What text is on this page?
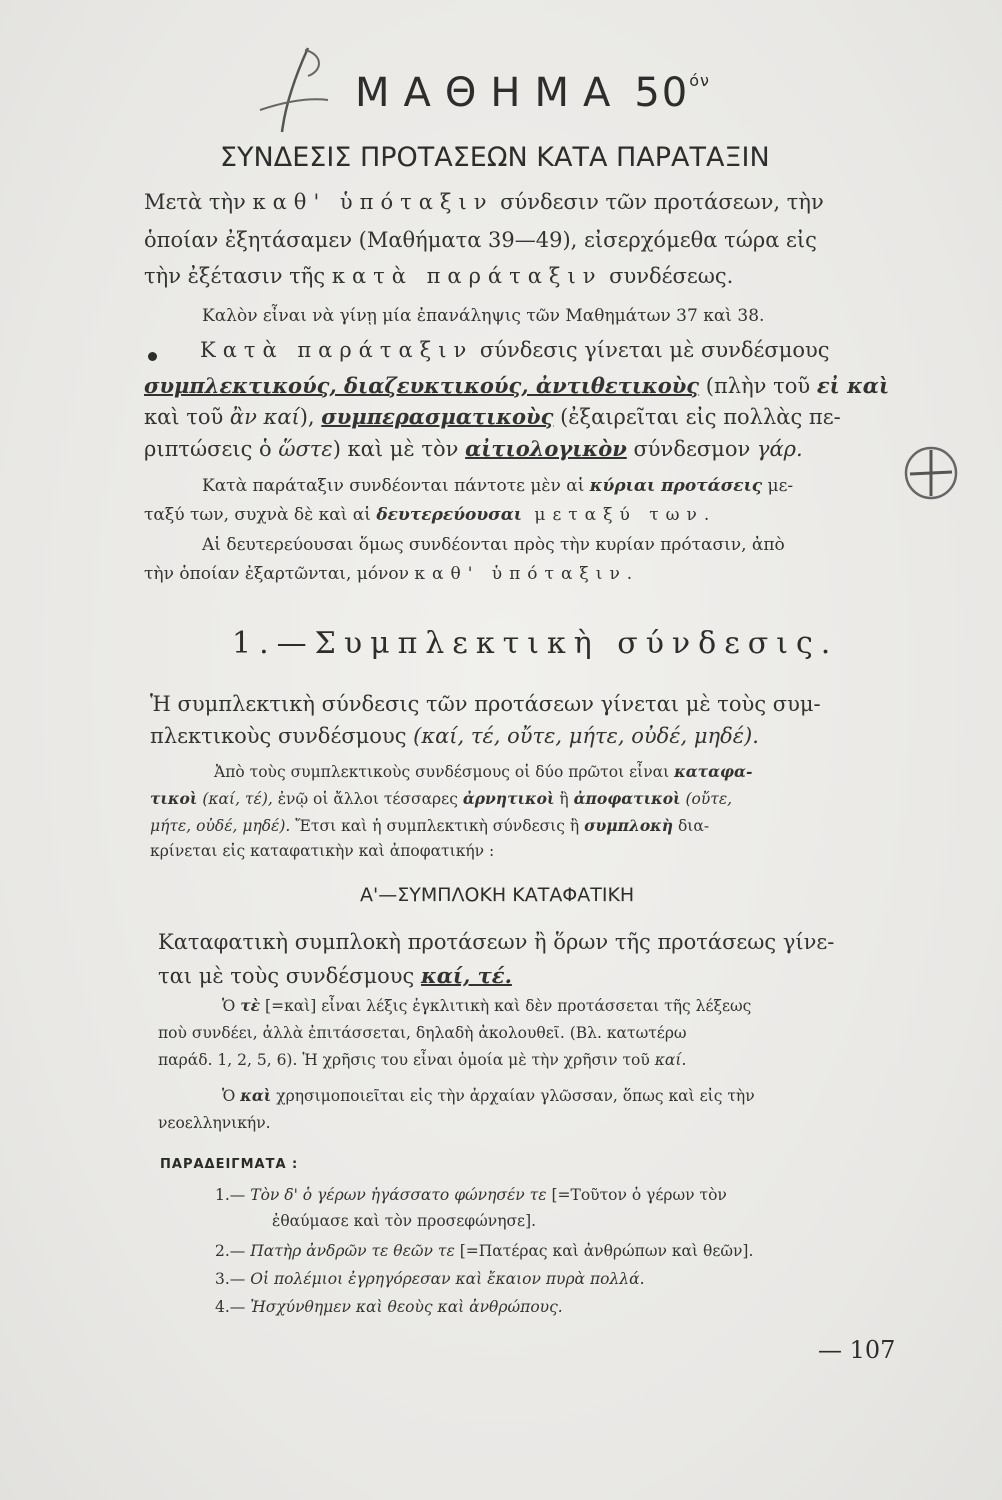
ΜΑΘΗΜΑ $50^{ό\nu}$
ΣΥΝΔΕΣΙΣ ΠΡΟΤΑΣΕΩΝ ΚΑΤΑ ΠΑΡΑΤΑΞΙΝ
Μετὰ τὴν καθ' ὑπόταξιν σύνδεσιν τῶν προτάσεων, τὴν
ὁποίαν ἐξητάσαμεν (Μαθήματα 39—49), εἰσερχόμεθα τώρα εἰς
τὴν ἐξέτασιν τῆς κατὰ παράταξιν συνδέσεως.
Καλὸν εἶναι νὰ γίνῃ μία ἐπανάληψις τῶν Μαθημάτων 37 καὶ 38.
Κατὰ παράταξιν σύνδεσις γίνεται μὲ συνδέσμους
συμπλεκτικούς, διαζευκτικούς, ἀντιθετικοὺς (πλὴν τοῦ εἰ καὶ
καὶ τοῦ ἂν καί), συμπερασματικοὺς (ἐξαιρεῖται εἰς πολλὰς πε-
ριπτώσεις ὁ ὥστε) καὶ μὲ τὸν αἰτιολογικὸν σύνδεσμον γάρ.
Κατὰ παράταξιν συνδέονται πάντοτε μὲν αἱ κύριαι προτάσεις με-
ταξύ των, συχνὰ δὲ καὶ αἱ δευτερεύουσαι μεταξύ των.
Αἱ δευτερεύουσαι ὅμως συνδέονται πρὸς τὴν κυρίαν πρότασιν, ἀπὸ
τὴν ὁποίαν ἐξαρτῶνται, μόνον καθ' ὑπόταξιν.
1.—Συμπλεκτικὴ σύνδεσις.
Ἡ συμπλεκτικὴ σύνδεσις τῶν προτάσεων γίνεται μὲ τοὺς συμ-
πλεκτικοὺς συνδέσμους (καί, τέ, οὔτε, μήτε, οὐδέ, μηδέ).
Ἀπὸ τοὺς συμπλεκτικοὺς συνδέσμους οἱ δύο πρῶτοι εἶναι καταφα-
τικοὶ (καί, τέ), ἐνῷ οἱ ἄλλοι τέσσαρες ἀρνητικοὶ ἢ ἀποφατικοὶ (οὔτε,
μήτε, οὐδέ, μηδέ). Ἔτσι καὶ ἡ συμπλεκτικὴ σύνδεσις ἢ συμπλοκὴ δια-
κρίνεται εἰς καταφατικὴν καὶ ἀποφατικήν :
Α'—ΣΥΜΠΛΟΚΗ ΚΑΤΑΦΑΤΙΚΗ
Καταφατικὴ συμπλοκὴ προτάσεων ἢ ὅρων τῆς προτάσεως γίνε-
ται μὲ τοὺς συνδέσμους καί, τέ.
Ὁ τὲ [=καὶ] εἶναι λέξις ἐγκλιτικὴ καὶ δὲν προτάσσεται τῆς λέξεως
ποὺ συνδέει, ἀλλὰ ἐπιτάσσεται, δηλαδὴ ἀκολουθεῖ. (Βλ. κατωτέρω
παράδ. 1, 2, 5, 6). Ἡ χρῆσις του εἶναι ὁμοία μὲ τὴν χρῆσιν τοῦ καί.
Ὁ καὶ χρησιμοποιεῖται εἰς τὴν ἀρχαίαν γλῶσσαν, ὅπως καὶ εἰς τὴν
νεοελληνικήν.
ΠΑΡΑΔΕΙΓΜΑΤΑ :
1.— Τὸν δ' ὁ γέρων ἠγάσσατο φώνησέν τε [=Τοῦτον ὁ γέρων τὸν
ἐθαύμασε καὶ τὸν προσεφώνησε].
2.— Πατὴρ ἀνδρῶν τε θεῶν τε [=Πατέρας καὶ ἀνθρώπων καὶ θεῶν].
3.— Οἱ πολέμιοι ἐγρηγόρεσαν καὶ ἔκαιον πυρὰ πολλά.
4.— Ἠσχύνθημεν καὶ θεοὺς καὶ ἀνθρώπους.
— 107
